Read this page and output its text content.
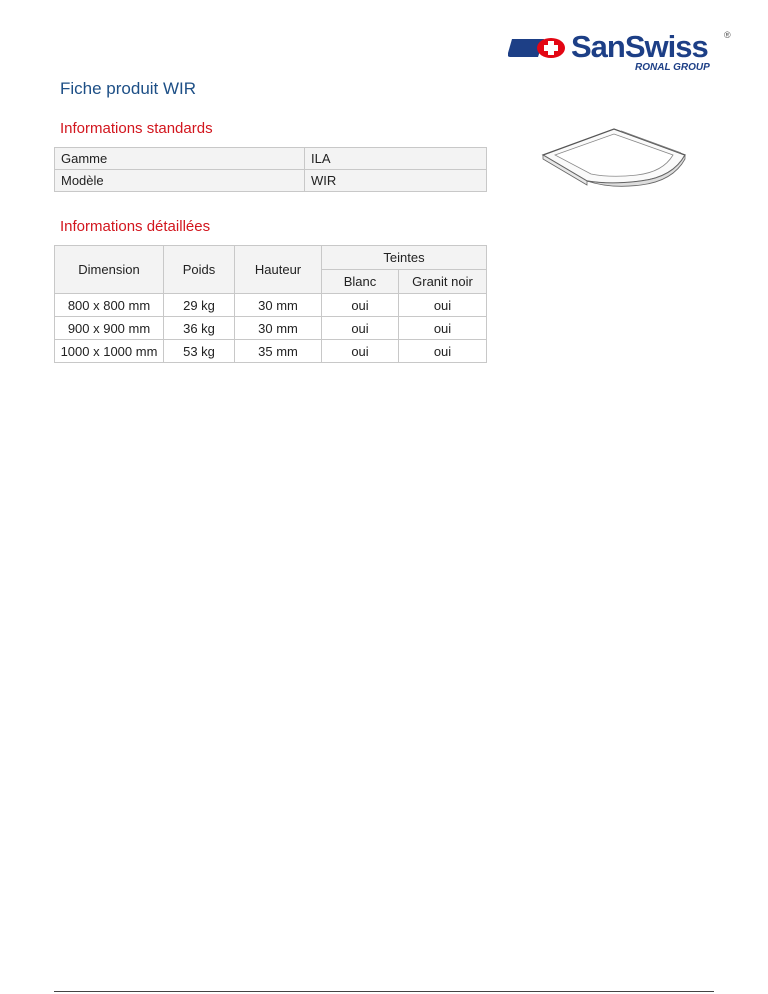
SanSwiss ®
RONAL GROUP
Fiche produit WIR
Informations standards
Gamme	ILA
Modèle	WIR
Informations détaillées
Dimension	Poids	Hauteur	Teintes	
			Blanc	Granit noir
800 x 800 mm	29 kg	30 mm	oui	oui
900 x 900 mm	36 kg	30 mm	oui	oui
1000 x 1000 mm	53 kg	35 mm	oui	oui
